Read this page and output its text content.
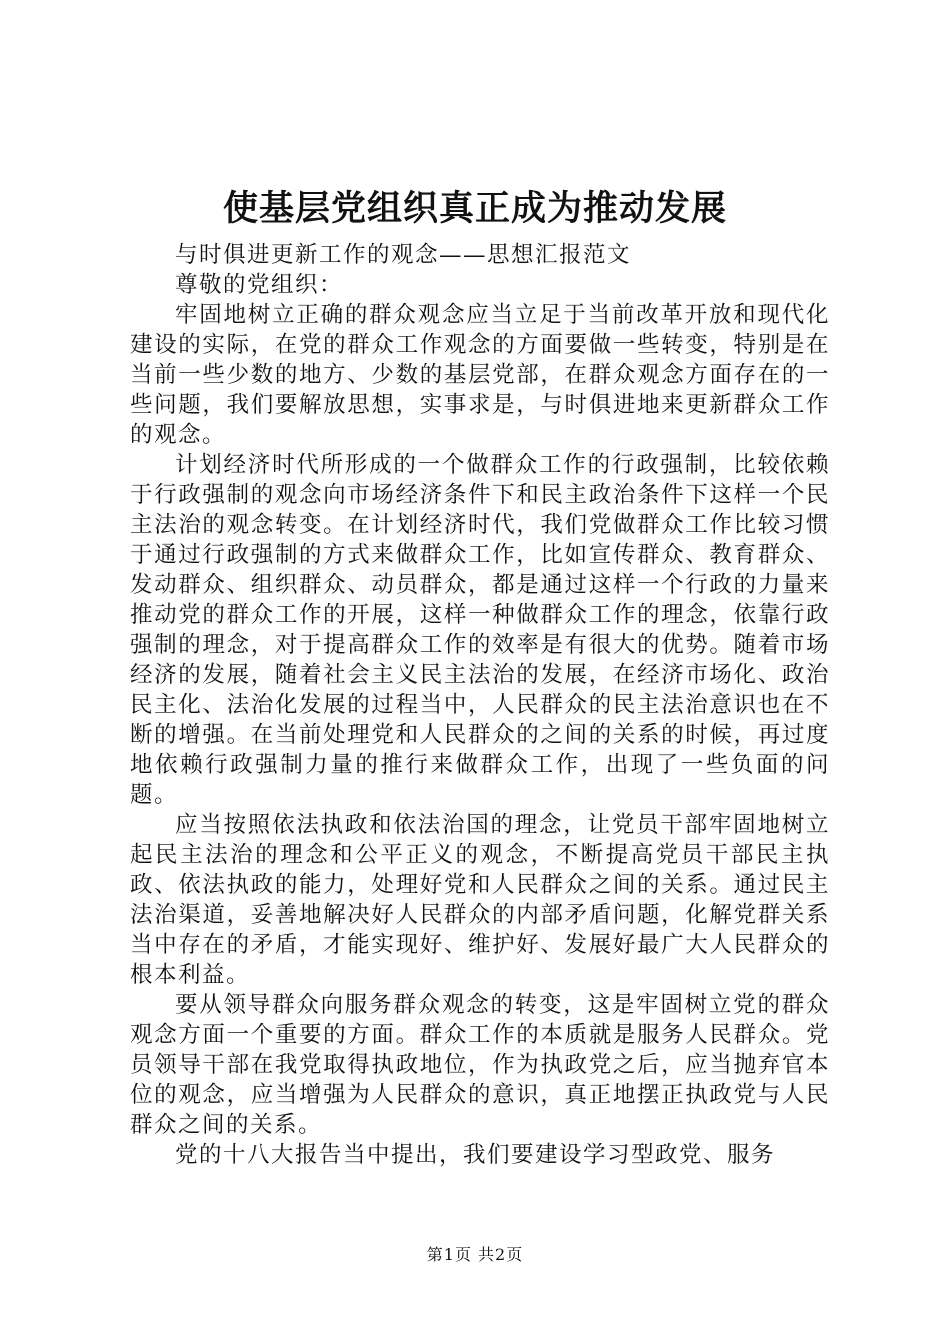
使基层党组织真正成为推动发展

与时俱进更新工作的观念——思想汇报范文

尊敬的党组织：

牢固地树立正确的群众观念应当立足于当前改革开放和现代化建设的实际，在党的群众工作观念的方面要做一些转变，特别是在当前一些少数的地方、少数的基层党部，在群众观念方面存在的一些问题，我们要解放思想，实事求是，与时俱进地来更新群众工作的观念。

计划经济时代所形成的一个做群众工作的行政强制，比较依赖于行政强制的观念向市场经济条件下和民主政治条件下这样一个民主法治的观念转变。在计划经济时代，我们党做群众工作比较习惯于通过行政强制的方式来做群众工作，比如宣传群众、教育群众、发动群众、组织群众、动员群众，都是通过这样一个行政的力量来推动党的群众工作的开展，这样一种做群众工作的理念，依靠行政强制的理念，对于提高群众工作的效率是有很大的优势。随着市场经济的发展，随着社会主义民主法治的发展，在经济市场化、政治民主化、法治化发展的过程当中，人民群众的民主法治意识也在不断的增强。在当前处理党和人民群众的之间的关系的时候，再过度地依赖行政强制力量的推行来做群众工作，出现了一些负面的问题。

应当按照依法执政和依法治国的理念，让党员干部牢固地树立起民主法治的理念和公平正义的观念，不断提高党员干部民主执政、依法执政的能力，处理好党和人民群众之间的关系。通过民主法治渠道，妥善地解决好人民群众的内部矛盾问题，化解党群关系当中存在的矛盾，才能实现好、维护好、发展好最广大人民群众的根本利益。

要从领导群众向服务群众观念的转变，这是牢固树立党的群众观念方面一个重要的方面。群众工作的本质就是服务人民群众。党员领导干部在我党取得执政地位，作为执政党之后，应当抛弃官本位的观念，应当增强为人民群众的意识，真正地摆正执政党与人民群众之间的关系。

党的十八大报告当中提出，我们要建设学习型政党、服务

第1页 共2页
